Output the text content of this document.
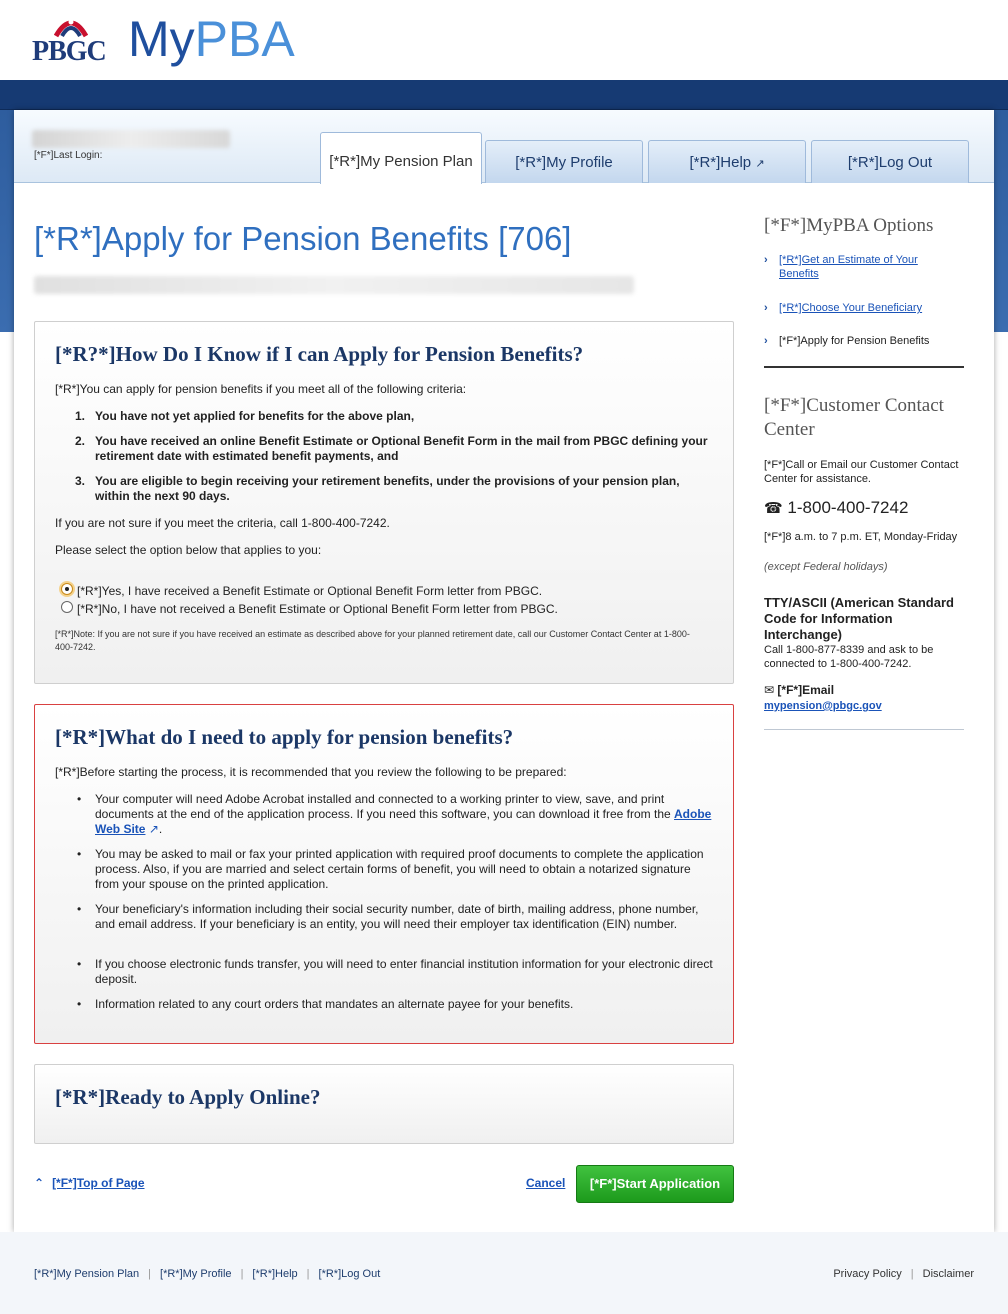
PBGC MyPBA
[*F*]Last Login:	[*R*]My Pension Plan	[*R*]My Profile	[*R*]Help ↗	[*R*]Log Out
[*R*]Apply for Pension Benefits [706]
[*R?*]How Do I Know if I can Apply for Pension Benefits?
[*R*]You can apply for pension benefits if you meet all of the following criteria:
1. You have not yet applied for benefits for the above plan,
2. You have received an online Benefit Estimate or Optional Benefit Form in the mail from PBGC defining your retirement date with estimated benefit payments, and
3. You are eligible to begin receiving your retirement benefits, under the provisions of your pension plan, within the next 90 days.
If you are not sure if you meet the criteria, call 1-800-400-7242.
Please select the option below that applies to you:
[*R*]Yes, I have received a Benefit Estimate or Optional Benefit Form letter from PBGC.
[*R*]No, I have not received a Benefit Estimate or Optional Benefit Form letter from PBGC.
[*R*]Note: If you are not sure if you have received an estimate as described above for your planned retirement date, call our Customer Contact Center at 1-800-400-7242.
[*R*]What do I need to apply for pension benefits?
[*R*]Before starting the process, it is recommended that you review the following to be prepared:
• Your computer will need Adobe Acrobat installed and connected to a working printer to view, save, and print documents at the end of the application process. If you need this software, you can download it free from the Adobe Web Site ↗.
• You may be asked to mail or fax your printed application with required proof documents to complete the application process. Also, if you are married and select certain forms of benefit, you will need to obtain a notarized signature from your spouse on the printed application.
• Your beneficiary's information including their social security number, date of birth, mailing address, phone number, and email address. If your beneficiary is an entity, you will need their employer tax identification (EIN) number.
• If you choose electronic funds transfer, you will need to enter financial institution information for your electronic direct deposit.
• Information related to any court orders that mandates an alternate payee for your benefits.
[*R*]Ready to Apply Online?
⌃ [*F*]Top of Page	Cancel	[*F*]Start Application
[*F*]MyPBA Options
› [*R*]Get an Estimate of Your Benefits
› [*R*]Choose Your Beneficiary
› [*F*]Apply for Pension Benefits
[*F*]Customer Contact Center
[*F*]Call or Email our Customer Contact Center for assistance.
☎ 1-800-400-7242
[*F*]8 a.m. to 7 p.m. ET, Monday-Friday
(except Federal holidays)
TTY/ASCII (American Standard Code for Information Interchange)
Call 1-800-877-8339 and ask to be connected to 1-800-400-7242.
✉ [*F*]Email
mypension@pbgc.gov
[*R*]My Pension Plan | [*R*]My Profile | [*R*]Help | [*R*]Log Out	Privacy Policy | Disclaimer
